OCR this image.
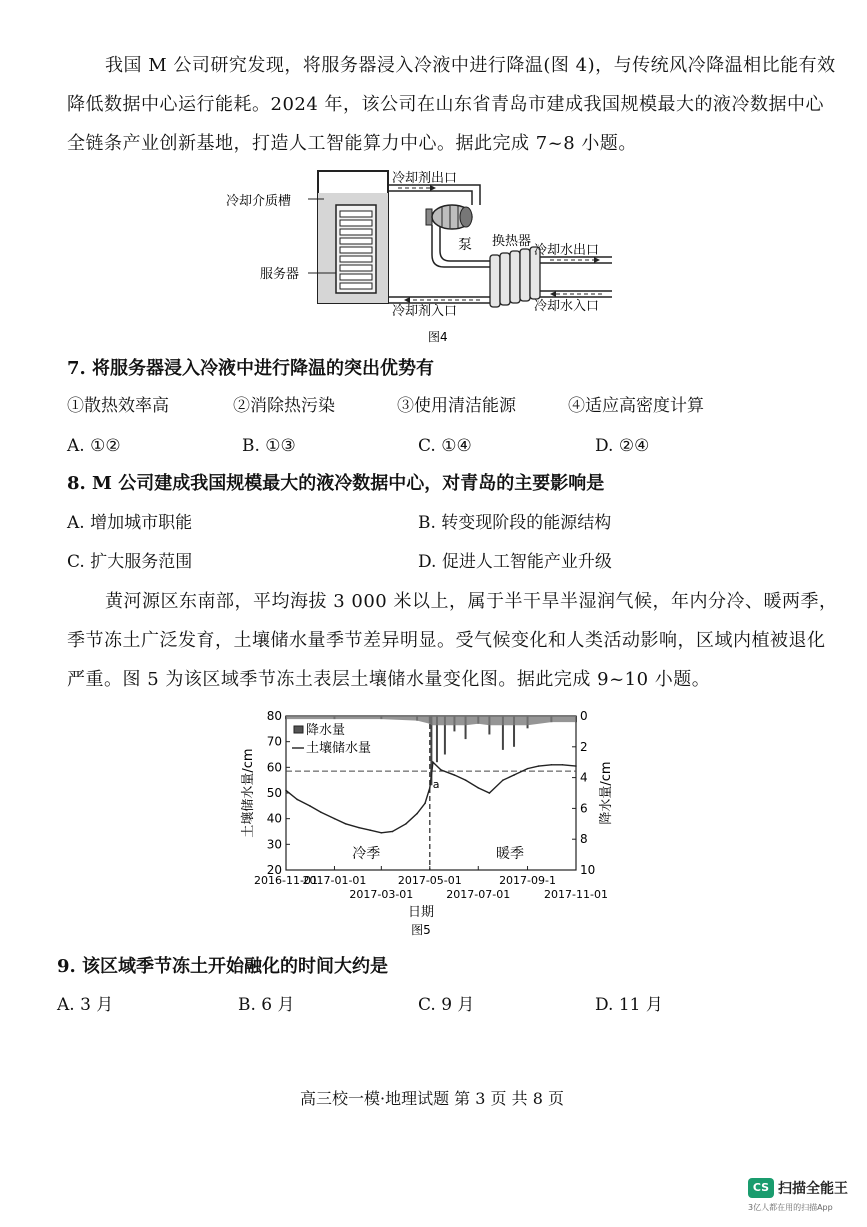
我国 M 公司研究发现，将服务器浸入冷液中进行降温(图 4)，与传统风冷降温相比能有效
降低数据中心运行能耗。2024 年，该公司在山东省青岛市建成我国规模最大的液冷数据中心
全链条产业创新基地，打造人工智能算力中心。据此完成 7~8 小题。
冷却介质槽
服务器
冷却剂出口
泵 换热器
冷却水出口
冷却水入口
冷却剂入口
图4
7. 将服务器浸入冷液中进行降温的突出优势有
①散热效率高	②消除热污染	③使用清洁能源	④适应高密度计算
A. ①②	B. ①③	C. ①④	D. ②④
8. M 公司建成我国规模最大的液冷数据中心，对青岛的主要影响是
A. 增加城市职能	B. 转变现阶段的能源结构
C. 扩大服务范围	D. 促进人工智能产业升级
黄河源区东南部，平均海拔 3 000 米以上，属于半干旱半湿润气候，年内分冷、暖两季，
季节冻土广泛发育，土壤储水量季节差异明显。受气候变化和人类活动影响，区域内植被退化
严重。图 5 为该区域季节冻土表层土壤储水量变化图。据此完成 9~10 小题。
80
70
60
50
40
30
20
0
2
4
6
8
10
2016-11-01
2017-01-01	2017-05-01	2017-09-1
2017-03-01	2017-07-01	2017-11-01
降水量
土壤储水量
冷季	暖季
a
土壤储水量/cm	降水量/cm
日期
图5
9. 该区域季节冻土开始融化的时间大约是
A. 3 月	B. 6 月	C. 9 月	D. 11 月
高三校一模·地理试题 第 3 页 共 8 页
CS 扫描全能王
3亿人都在用的扫描App
